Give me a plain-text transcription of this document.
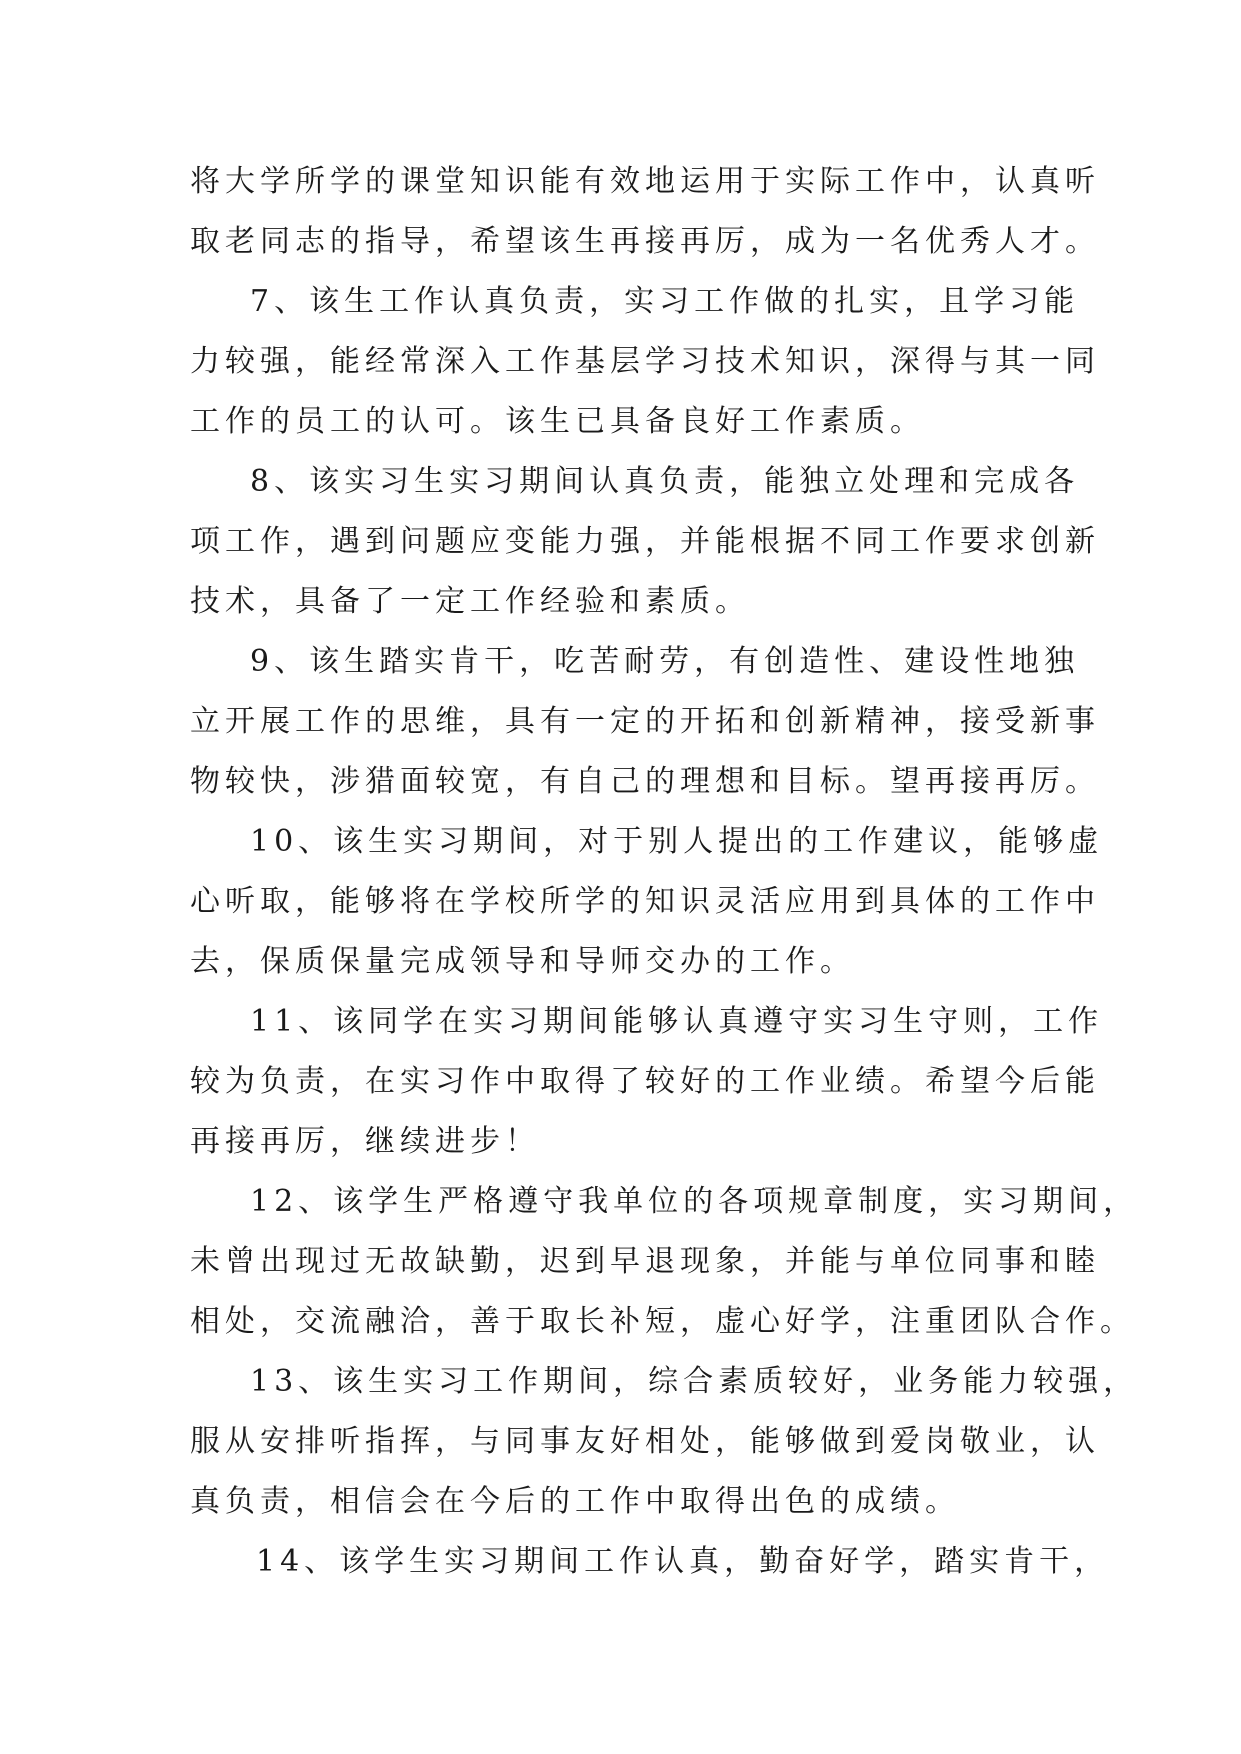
将大学所学的课堂知识能有效地运用于实际工作中，认真听
取老同志的指导，希望该生再接再厉，成为一名优秀人才。
7、该生工作认真负责，实习工作做的扎实，且学习能
力较强，能经常深入工作基层学习技术知识，深得与其一同
工作的员工的认可。该生已具备良好工作素质。
8、该实习生实习期间认真负责，能独立处理和完成各
项工作，遇到问题应变能力强，并能根据不同工作要求创新
技术，具备了一定工作经验和素质。
9、该生踏实肯干，吃苦耐劳，有创造性、建设性地独
立开展工作的思维，具有一定的开拓和创新精神，接受新事
物较快，涉猎面较宽，有自己的理想和目标。望再接再厉。
10、该生实习期间，对于别人提出的工作建议，能够虚
心听取，能够将在学校所学的知识灵活应用到具体的工作中
去，保质保量完成领导和导师交办的工作。
11、该同学在实习期间能够认真遵守实习生守则，工作
较为负责，在实习作中取得了较好的工作业绩。希望今后能
再接再厉，继续进步！
12、该学生严格遵守我单位的各项规章制度，实习期间，
未曾出现过无故缺勤，迟到早退现象，并能与单位同事和睦
相处，交流融洽，善于取长补短，虚心好学，注重团队合作。
13、该生实习工作期间，综合素质较好，业务能力较强，
服从安排听指挥，与同事友好相处，能够做到爱岗敬业，认
真负责，相信会在今后的工作中取得出色的成绩。
14、该学生实习期间工作认真，勤奋好学，踏实肯干，
